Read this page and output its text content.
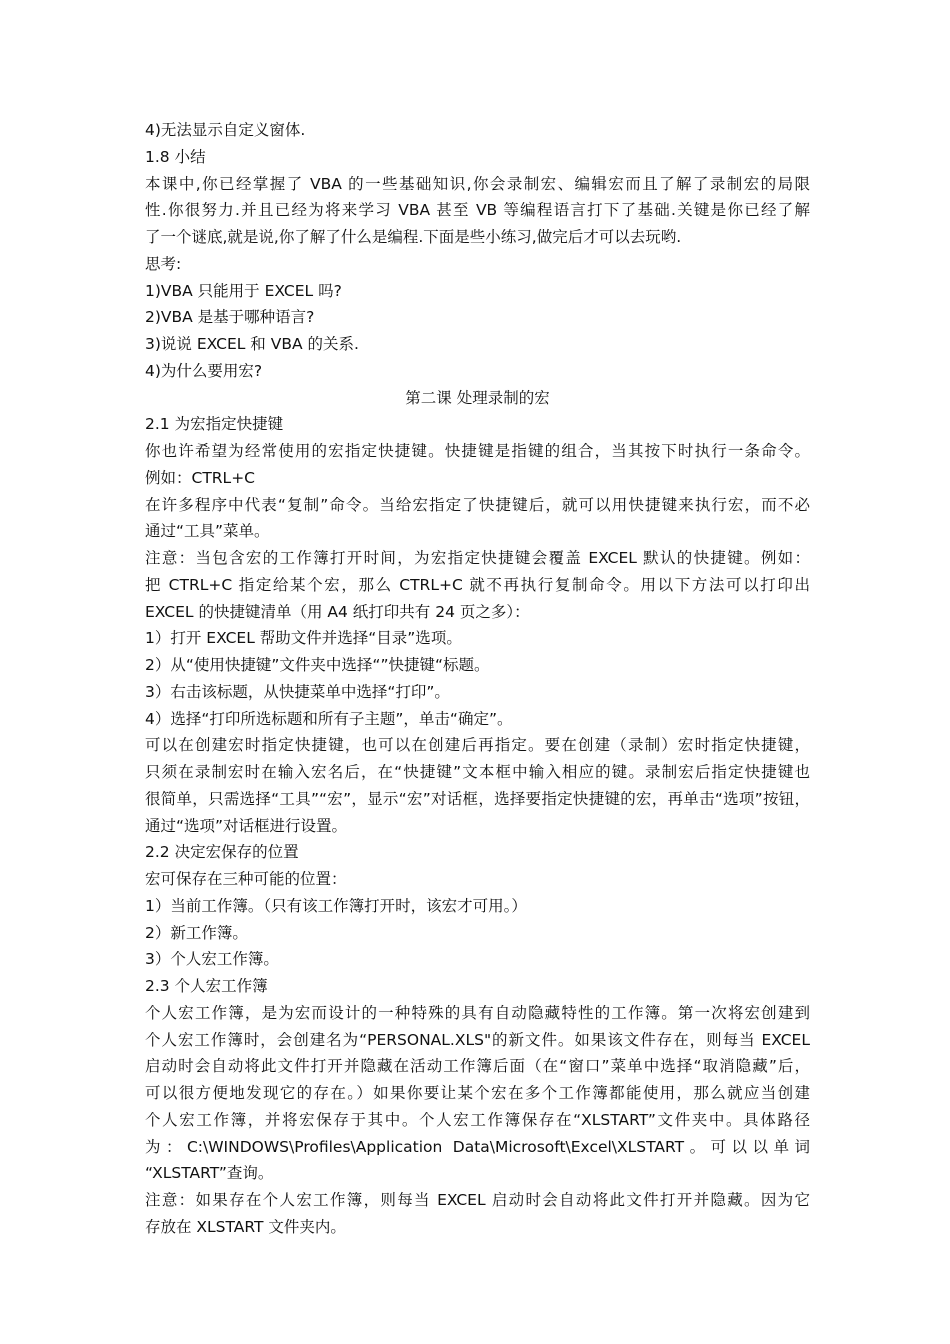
4)无法显示自定义窗体.
1.8 小结
本课中,你已经掌握了 VBA 的一些基础知识,你会录制宏、编辑宏而且了解了录制宏的局限
性.你很努力.并且已经为将来学习 VBA 甚至 VB 等编程语言打下了基础.关键是你已经了解
了一个谜底,就是说,你了解了什么是编程.下面是些小练习,做完后才可以去玩哟.
思考:
1)VBA 只能用于 EXCEL 吗?
2)VBA 是基于哪种语言?
3)说说 EXCEL 和 VBA 的关系.
4)为什么要用宏?
第二课 处理录制的宏
2.1 为宏指定快捷键
你也许希望为经常使用的宏指定快捷键。快捷键是指键的组合，当其按下时执行一条命令。
例如：CTRL+C
在许多程序中代表“复制”命令。当给宏指定了快捷键后，就可以用快捷键来执行宏，而不必
通过“工具”菜单。
注意：当包含宏的工作簿打开时间，为宏指定快捷键会覆盖 EXCEL 默认的快捷键。例如：
把 CTRL+C 指定给某个宏，那么 CTRL+C 就不再执行复制命令。用以下方法可以打印出
EXCEL 的快捷键清单（用 A4 纸打印共有 24 页之多）：
1）打开 EXCEL 帮助文件并选择“目录”选项。
2）从“使用快捷键”文件夹中选择“”快捷键“标题。
3）右击该标题，从快捷菜单中选择“打印”。
4）选择“打印所选标题和所有子主题”，单击“确定”。
可以在创建宏时指定快捷键，也可以在创建后再指定。要在创建（录制）宏时指定快捷键，
只须在录制宏时在输入宏名后，在“快捷键”文本框中输入相应的键。录制宏后指定快捷键也
很简单，只需选择“工具”“宏”，显示“宏”对话框，选择要指定快捷键的宏，再单击“选项”按钮，
通过“选项”对话框进行设置。
2.2 决定宏保存的位置
宏可保存在三种可能的位置：
1）当前工作簿。（只有该工作簿打开时，该宏才可用。）
2）新工作簿。
3）个人宏工作簿。
2.3 个人宏工作簿
个人宏工作簿，是为宏而设计的一种特殊的具有自动隐藏特性的工作簿。第一次将宏创建到
个人宏工作簿时，会创建名为“PERSONAL.XLS"的新文件。如果该文件存在，则每当 EXCEL
启动时会自动将此文件打开并隐藏在活动工作簿后面（在“窗口”菜单中选择“取消隐藏”后，
可以很方便地发现它的存在。）如果你要让某个宏在多个工作簿都能使用，那么就应当创建
个人宏工作簿，并将宏保存于其中。个人宏工作簿保存在“XLSTART”文件夹中。具体路径
为：C:\WINDOWS\Profiles\Application Data\Microsoft\Excel\XLSTART。可以以单词
“XLSTART”查询。
注意：如果存在个人宏工作簿，则每当 EXCEL 启动时会自动将此文件打开并隐藏。因为它
存放在 XLSTART 文件夹内。
